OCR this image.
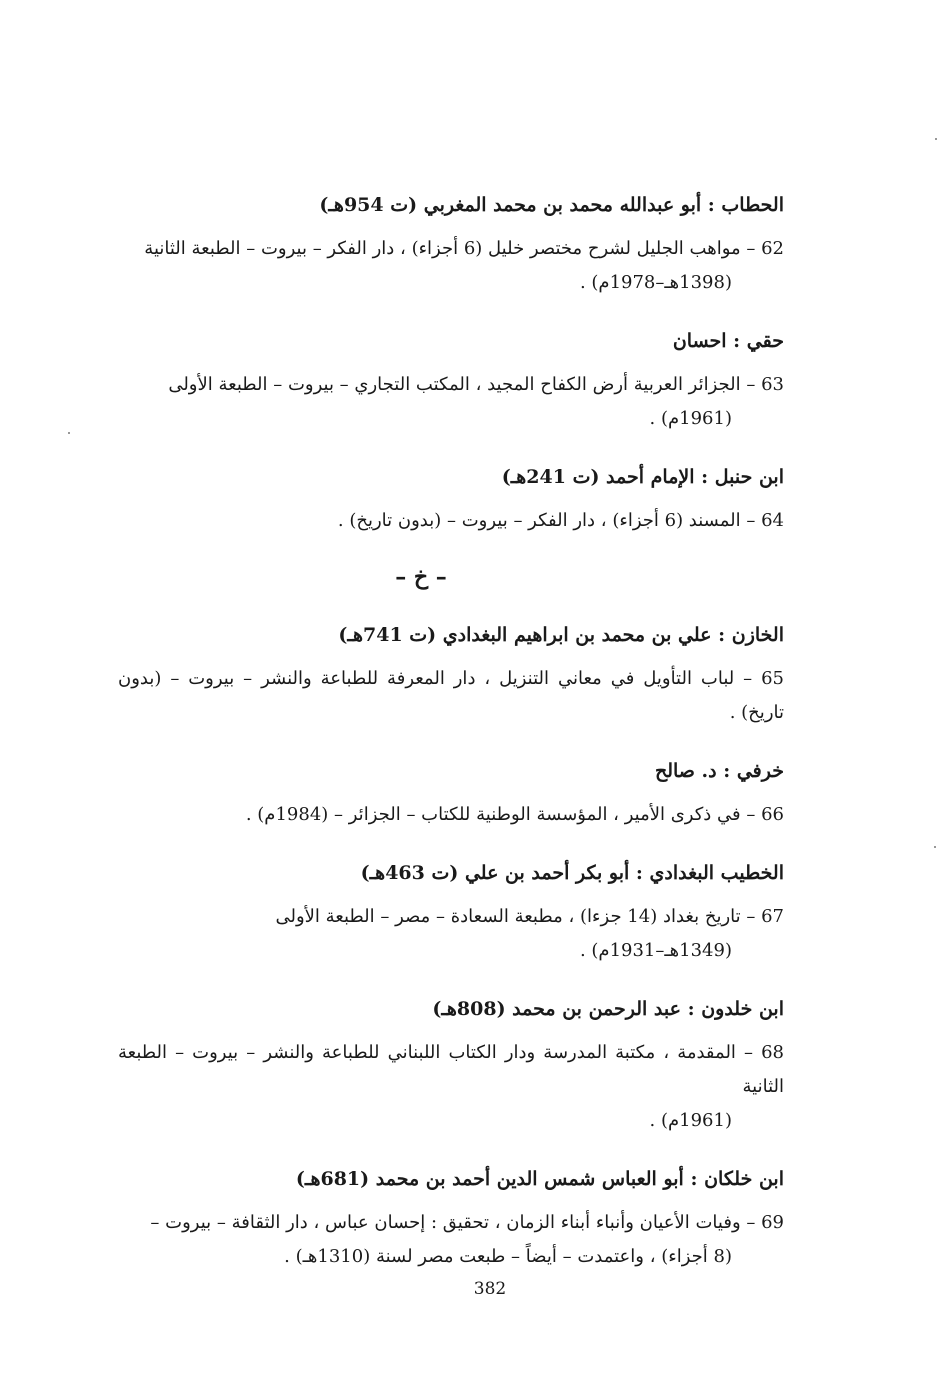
الحطاب : أبو عبدالله محمد بن محمد المغربي (ت 954هـ)

62 – مواهب الجليل لشرح مختصر خليل (6 أجزاء) ، دار الفكر – بيروت – الطبعة الثانية
(1398هـ–1978م) .

حقي : احسان

63 – الجزائر العربية أرض الكفاح المجيد ، المكتب التجاري – بيروت – الطبعة الأولى
(1961م) .

ابن حنبل : الإمام أحمد (ت 241هـ)

64 – المسند (6 أجزاء) ، دار الفكر – بيروت – (بدون تاريخ) .

– خ –

الخازن : علي بن محمد بن ابراهيم البغدادي (ت 741هـ)

65 – لباب التأويل في معاني التنزيل ، دار المعرفة للطباعة والنشر – بيروت – (بدون تاريخ) .

خرفي : د. صالح

66 – في ذكرى الأمير ، المؤسسة الوطنية للكتاب – الجزائر – (1984م) .

الخطيب البغدادي : أبو بكر أحمد بن علي (ت 463هـ)

67 – تاريخ بغداد (14 جزءا) ، مطبعة السعادة – مصر – الطبعة الأولى
(1349هـ–1931م) .

ابن خلدون : عبد الرحمن بن محمد (808هـ)

68 – المقدمة ، مكتبة المدرسة ودار الكتاب اللبناني للطباعة والنشر – بيروت – الطبعة الثانية
(1961م) .

ابن خلكان : أبو العباس شمس الدين أحمد بن محمد (681هـ)

69 – وفيات الأعيان وأنباء أبناء الزمان ، تحقيق : إحسان عباس ، دار الثقافة – بيروت –
(8 أجزاء) ، واعتمدت – أيضاً – طبعت مصر لسنة (1310هـ) .

382
